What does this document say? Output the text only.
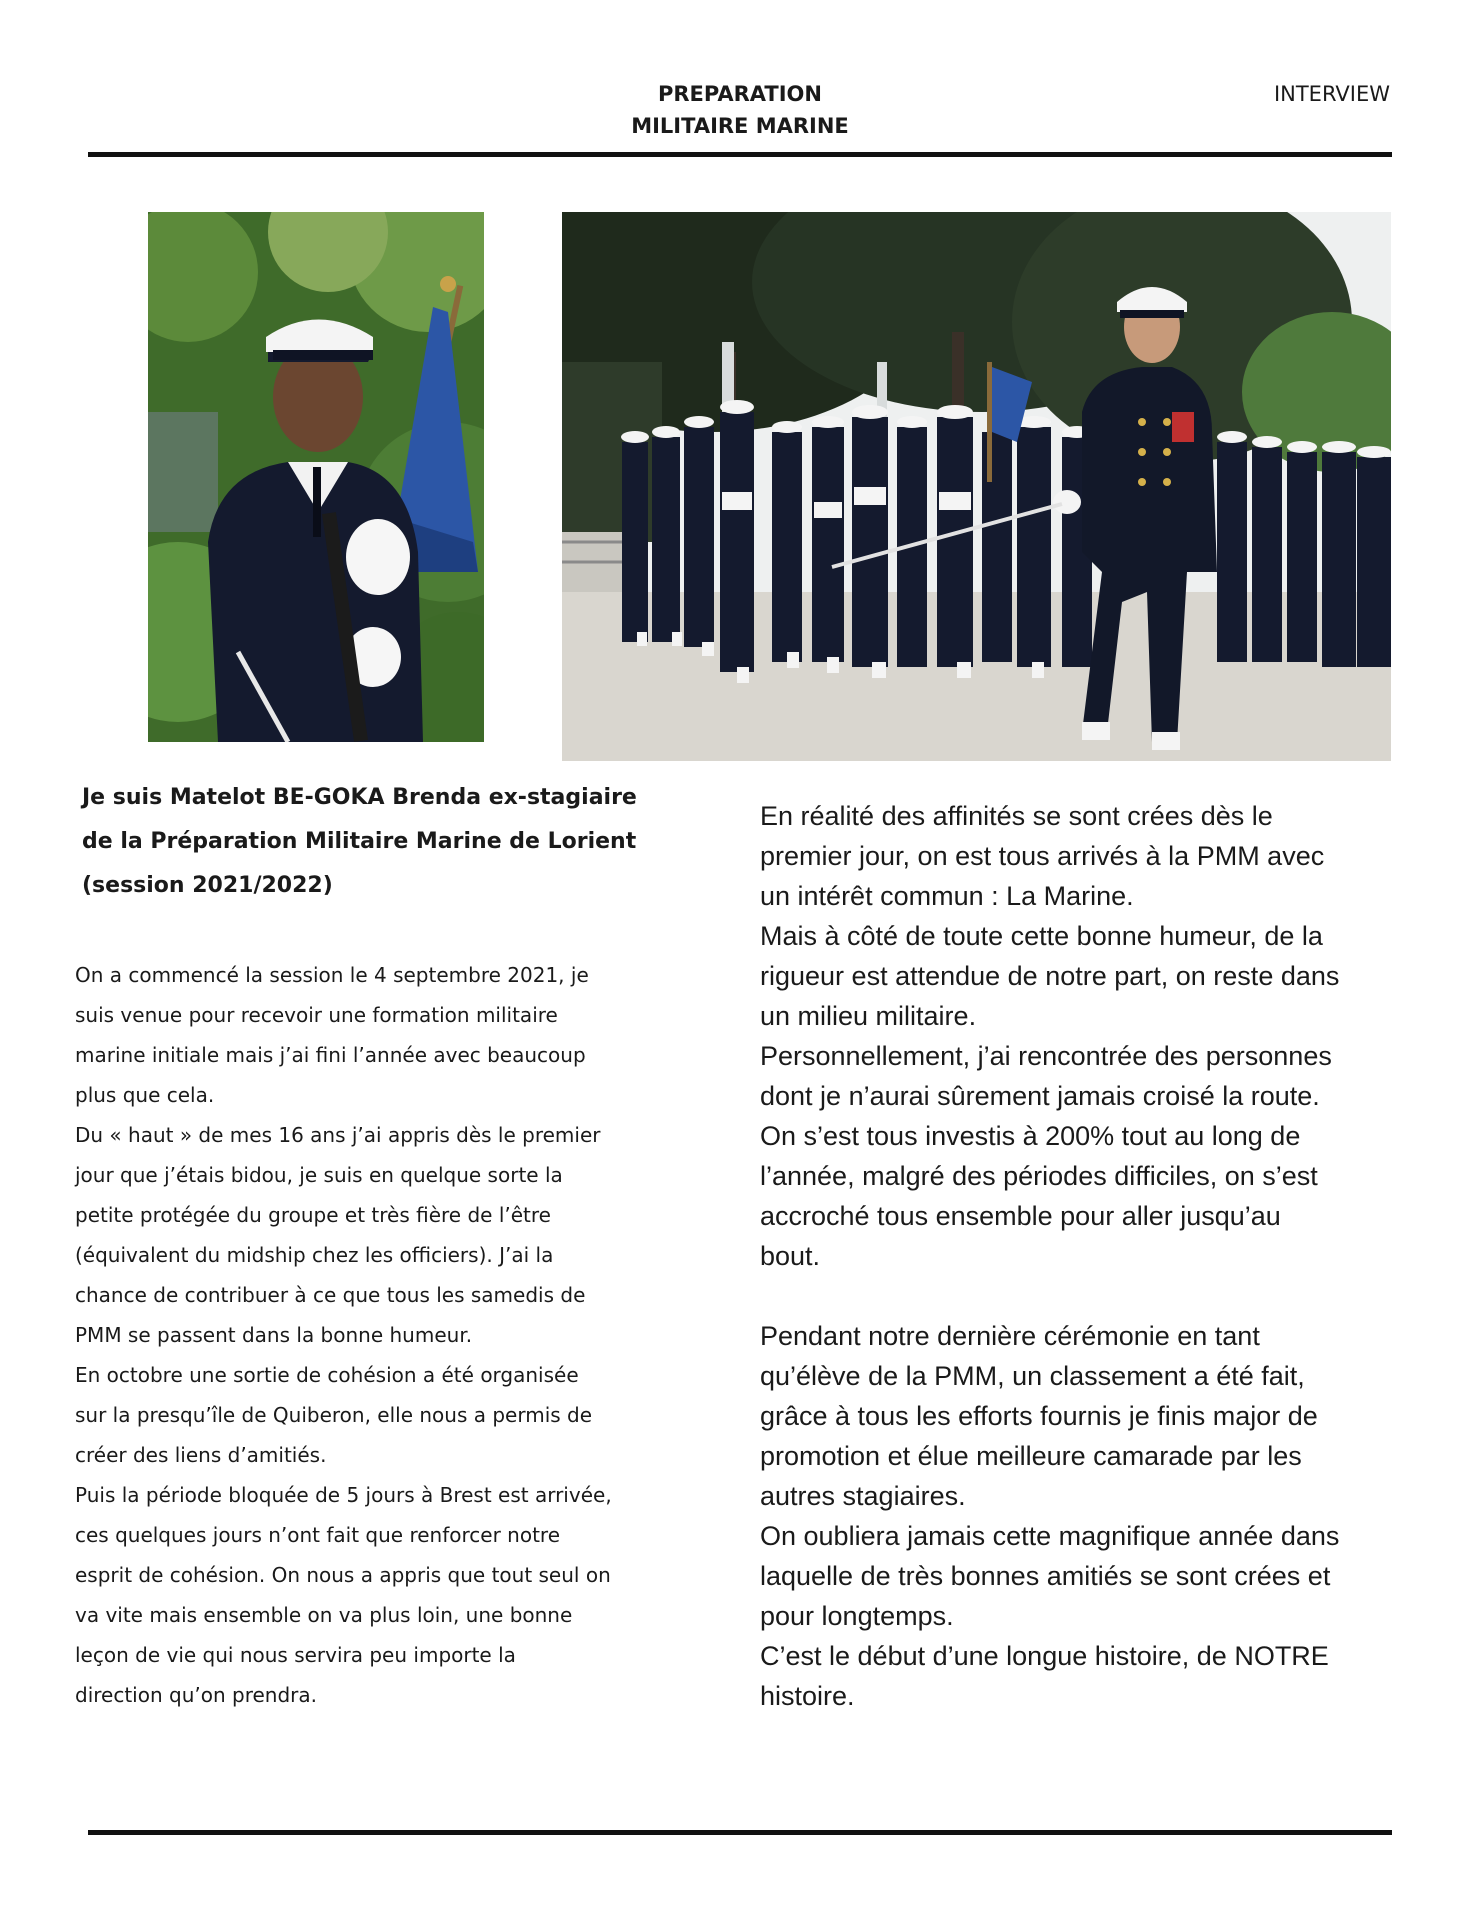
PREPARATION
MILITAIRE MARINE
INTERVIEW
Je suis Matelot BE-GOKA Brenda ex-stagiaire
de la Préparation Militaire Marine de Lorient
(session 2021/2022)

On a commencé la session le 4 septembre 2021, je

suis venue pour recevoir une formation militaire

marine initiale mais j’ai fini l’année avec beaucoup

plus que cela.

Du « haut » de mes 16 ans j’ai appris dès le premier

jour que j’étais bidou, je suis en quelque sorte la

petite protégée du groupe et très fière de l’être

(équivalent du midship chez les officiers). J’ai la

chance de contribuer à ce que tous les samedis de

PMM se passent dans la bonne humeur.

En octobre une sortie de cohésion a été organisée

sur la presqu’île de Quiberon, elle nous a permis de

créer des liens d’amitiés.

Puis la période bloquée de 5 jours à Brest est arrivée,

ces quelques jours n’ont fait que renforcer notre

esprit de cohésion. On nous a appris que tout seul on

va vite mais ensemble on va plus loin, une bonne

leçon de vie qui nous servira peu importe la

direction qu’on prendra.

En réalité des affinités se sont crées dès le

premier jour, on est tous arrivés à la PMM avec

un intérêt commun : La Marine.

Mais à côté de toute cette bonne humeur, de la

rigueur est attendue de notre part, on reste dans

un milieu militaire.

Personnellement, j’ai rencontrée des personnes

dont je n’aurai sûrement jamais croisé la route.

On s’est tous investis à 200% tout au long de

l’année, malgré des périodes difficiles, on s’est

accroché tous ensemble pour aller jusqu’au

bout.

Pendant notre dernière cérémonie en tant

qu’élève de la PMM, un classement a été fait,

grâce à tous les efforts fournis je finis major de

promotion et élue meilleure camarade par les

autres stagiaires.

On oubliera jamais cette magnifique année dans

laquelle de très bonnes amitiés se sont crées et

pour longtemps.

C’est le début d’une longue histoire, de NOTRE

histoire.
